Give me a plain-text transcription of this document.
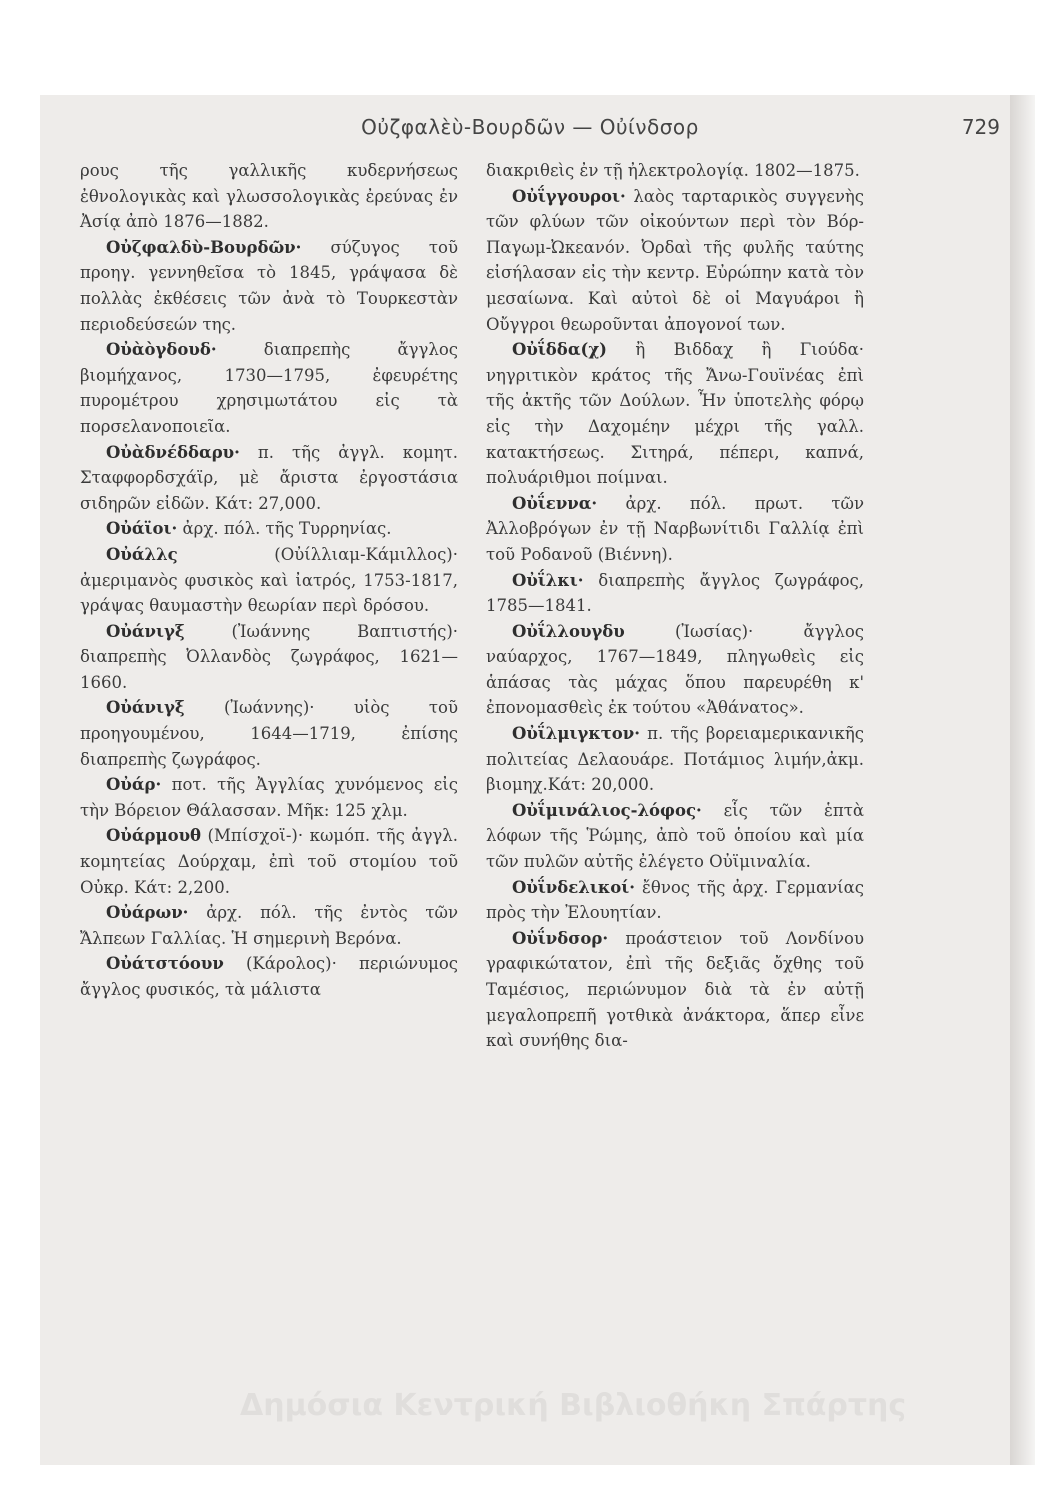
Οὐζφαλὲὺ-Βουρδῶν — Οὐίνδσορ	729

ρους τῆς γαλλικῆς κυδερνήσεως ἐθνολογικὰς καὶ γλωσσολογικὰς ἐρεύνας ἐν Ἀσίᾳ ἀπὸ 1876—1882.

Οὐζφαλδὺ-Βουρδῶν· σύζυγος τοῦ προηγ. γεννηθεῖσα τὸ 1845, γράψασα δὲ πολλὰς ἐκθέσεις τῶν ἀνὰ τὸ Τουρκεστὰν περιοδεύσεών της.

Οὐὰὸγδουδ·	διαπρεπὴς ἄγγλος βιομήχανος, 1730—1795, ἐφευρέτης πυρομέτρου χρησιμωτάτου εἰς τὰ πορσελανοποιεῖα.

Οὐὰδνέδδαρυ· π. τῆς ἀγγλ. κομητ. Σταφφορδσχάϊρ, μὲ ἄριστα ἐργοστάσια σιδηρῶν εἰδῶν. Κάτ: 27,000.

Οὐάϊοι· ἀρχ. πόλ. τῆς Τυρρηνίας.

Οὐάλλς	(Οὐίλλιαμ-Κάμιλλος)· ἀμεριμανὸς φυσικὸς καὶ ἰατρός, 1753-1817, γράψας θαυμαστὴν θεωρίαν περὶ δρόσου.

Οὐάνιγξ	(Ἰωάννης Βαπτιστής)· διαπρεπὴς Ὀλλανδὸς ζωγράφος, 1621—1660.

Οὐάνιγξ (Ἰωάννης)· υἱὸς τοῦ προηγουμένου, 1644—1719, ἐπίσης διαπρεπὴς ζωγράφος.

Οὐάρ· ποτ. τῆς Ἀγγλίας χυνόμενος εἰς τὴν Βόρειον Θάλασσαν. Μῆκ: 125 χλμ.

Οὐάρμουθ (Μπίσχοϊ-)· κωμόπ. τῆς ἀγγλ. κομητείας Δούρχαμ, ἐπὶ τοῦ στομίου τοῦ Οὐκρ. Κάτ: 2,200.

Οὐάρων· ἀρχ. πόλ. τῆς ἐντὸς τῶν Ἄλπεων Γαλλίας. Ἡ σημερινὴ Βερόνα.

Οὐάτστόουν (Κάρολος)· περιώνυμος ἄγγλος φυσικός, τὰ μάλιστα

διακριθεὶς ἐν τῇ ἠλεκτρολογίᾳ. 1802—1875.

Οὐΐγγουροι· λαὸς ταρταρικὸς συγγενὴς τῶν φλύων τῶν οἰκούντων περὶ τὸν Βόρ-Παγωμ-Ὠκεανόν. Ὀρδαὶ τῆς φυλῆς ταύτης εἰσήλασαν εἰς τὴν κεντρ. Εὐρώπην κατὰ τὸν μεσαίωνα. Καὶ αὐτοὶ δὲ οἱ Μαγυάροι ἢ Οὔγγροι θεωροῦνται ἀπογονοί των.

Οὐΐδδα(χ) ἢ Βιδδαχ ἢ Γιούδα· νηγριτικὸν κράτος τῆς Ἄνω-Γουϊνέας ἐπὶ τῆς ἀκτῆς τῶν Δούλων. Ἦν ὑποτελὴς φόρῳ εἰς τὴν Δαχομέην μέχρι τῆς γαλλ. κατακτήσεως. Σιτηρά, πέπερι, καπνά, πολυάριθμοι ποίμναι.

Οὐΐεννα· ἀρχ. πόλ. πρωτ. τῶν Ἀλλοβρόγων ἐν τῇ Ναρβωνίτιδι Γαλλίᾳ ἐπὶ τοῦ Ροδανοῦ (Βιέννη).

Οὐΐλκι· διαπρεπὴς ἄγγλος ζωγράφος, 1785—1841.

Οὐΐλλουγδυ	(Ἰωσίας)· ἄγγλος ναύαρχος, 1767—1849, πληγωθεὶς εἰς ἁπάσας τὰς μάχας ὅπου παρευρέθη κ' ἐπονομασθεὶς ἐκ τούτου «Ἀθάνατος».

Οὐΐλμιγκτον· π. τῆς βορειαμερικανικῆς πολιτείας Δελαουάρε. Ποτάμιος λιμήν,ἀκμ. βιομηχ.Κάτ: 20,000.

Οὐΐμινάλιος-λόφος· εἷς τῶν ἑπτὰ λόφων τῆς Ῥώμης, ἀπὸ τοῦ ὁποίου καὶ μία τῶν πυλῶν αὐτῆς ἐλέγετο Οὐϊμιναλία.

Οὐΐνδελικοί· ἔθνος τῆς ἀρχ. Γερμανίας πρὸς τὴν Ἐλουητίαν.

Οὐΐνδσορ· προάστειον τοῦ Λονδίνου γραφικώτατον, ἐπὶ τῆς δεξιᾶς ὄχθης τοῦ Ταμέσιος, περιώνυμον διὰ τὰ ἐν αὐτῇ μεγαλοπρεπῆ γοτθικὰ ἀνάκτορα, ἅπερ εἶνε καὶ συνήθης δια-

Δημόσια Κεντρική Βιβλιοθήκη Σπάρτης
